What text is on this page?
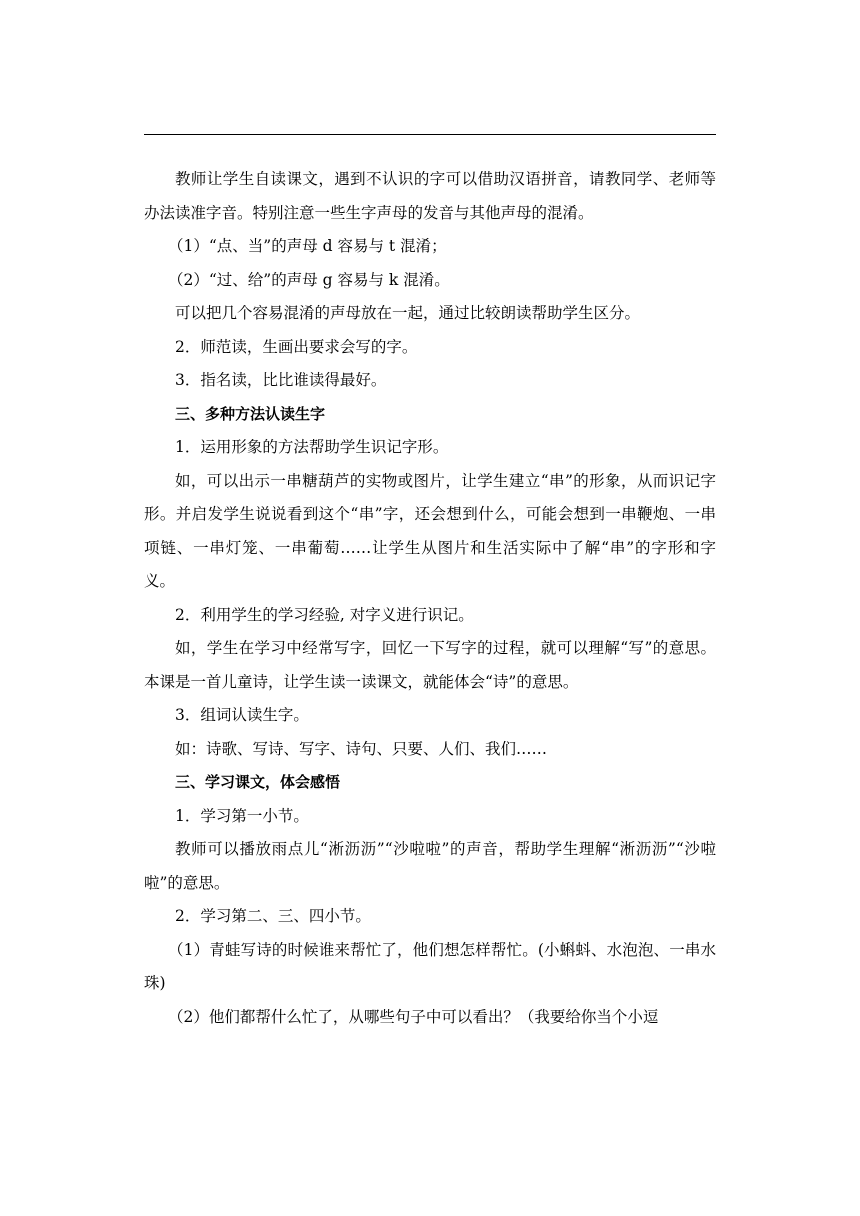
教师让学生自读课文，遇到不认识的字可以借助汉语拼音，请教同学、老师等办法读准字音。特别注意一些生字声母的发音与其他声母的混淆。

（1）“点、当”的声母 d 容易与 t 混淆；

（2）“过、给”的声母 g 容易与 k 混淆。

可以把几个容易混淆的声母放在一起，通过比较朗读帮助学生区分。

2．师范读，生画出要求会写的字。

3．指名读，比比谁读得最好。

三、多种方法认读生字

1．运用形象的方法帮助学生识记字形。

如，可以出示一串糖葫芦的实物或图片，让学生建立“串”的形象，从而识记字形。并启发学生说说看到这个“串”字，还会想到什么，可能会想到一串鞭炮、一串项链、一串灯笼、一串葡萄……让学生从图片和生活实际中了解“串”的字形和字义。

2．利用学生的学习经验, 对字义进行识记。

如，学生在学习中经常写字，回忆一下写字的过程，就可以理解“写”的意思。本课是一首儿童诗，让学生读一读课文，就能体会“诗”的意思。

3．组词认读生字。

如：诗歌、写诗、写字、诗句、只要、人们、我们……

三、学习课文，体会感悟

1．学习第一小节。

教师可以播放雨点儿“淅沥沥”“沙啦啦”的声音，帮助学生理解“淅沥沥”“沙啦啦”的意思。

2．学习第二、三、四小节。

（1）青蛙写诗的时候谁来帮忙了，他们想怎样帮忙。(小蝌蚪、水泡泡、一串水珠)

（2）他们都帮什么忙了，从哪些句子中可以看出？（我要给你当个小逗
